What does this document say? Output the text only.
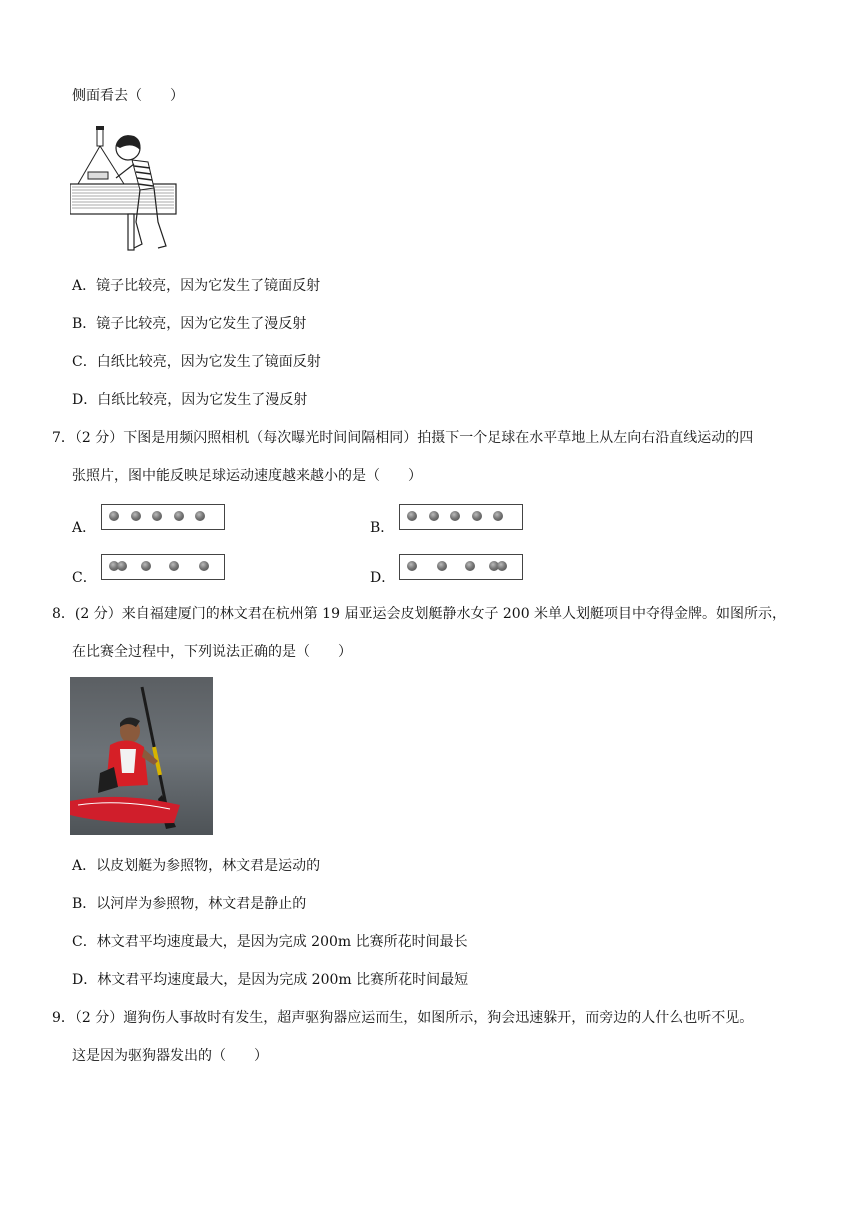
侧面看去（　　）
A．镜子比较亮，因为它发生了镜面反射
B．镜子比较亮，因为它发生了漫反射
C．白纸比较亮，因为它发生了镜面反射
D．白纸比较亮，因为它发生了漫反射
7．（2 分）下图是用频闪照相机（每次曝光时间间隔相同）拍摄下一个足球在水平草地上从左向右沿直线运动的四
张照片，图中能反映足球运动速度越来越小的是（　　）
A．	B．
C．	D．
8．(2 分）来自福建厦门的林文君在杭州第 19 届亚运会皮划艇静水女子 200 米单人划艇项目中夺得金牌。如图所示，
在比赛全过程中，下列说法正确的是（　　）
A．以皮划艇为参照物，林文君是运动的
B．以河岸为参照物，林文君是静止的
C．林文君平均速度最大，是因为完成 200m 比赛所花时间最长
D．林文君平均速度最大，是因为完成 200m 比赛所花时间最短
9．（2 分）遛狗伤人事故时有发生，超声驱狗器应运而生，如图所示，狗会迅速躲开，而旁边的人什么也听不见。
这是因为驱狗器发出的（　　）
